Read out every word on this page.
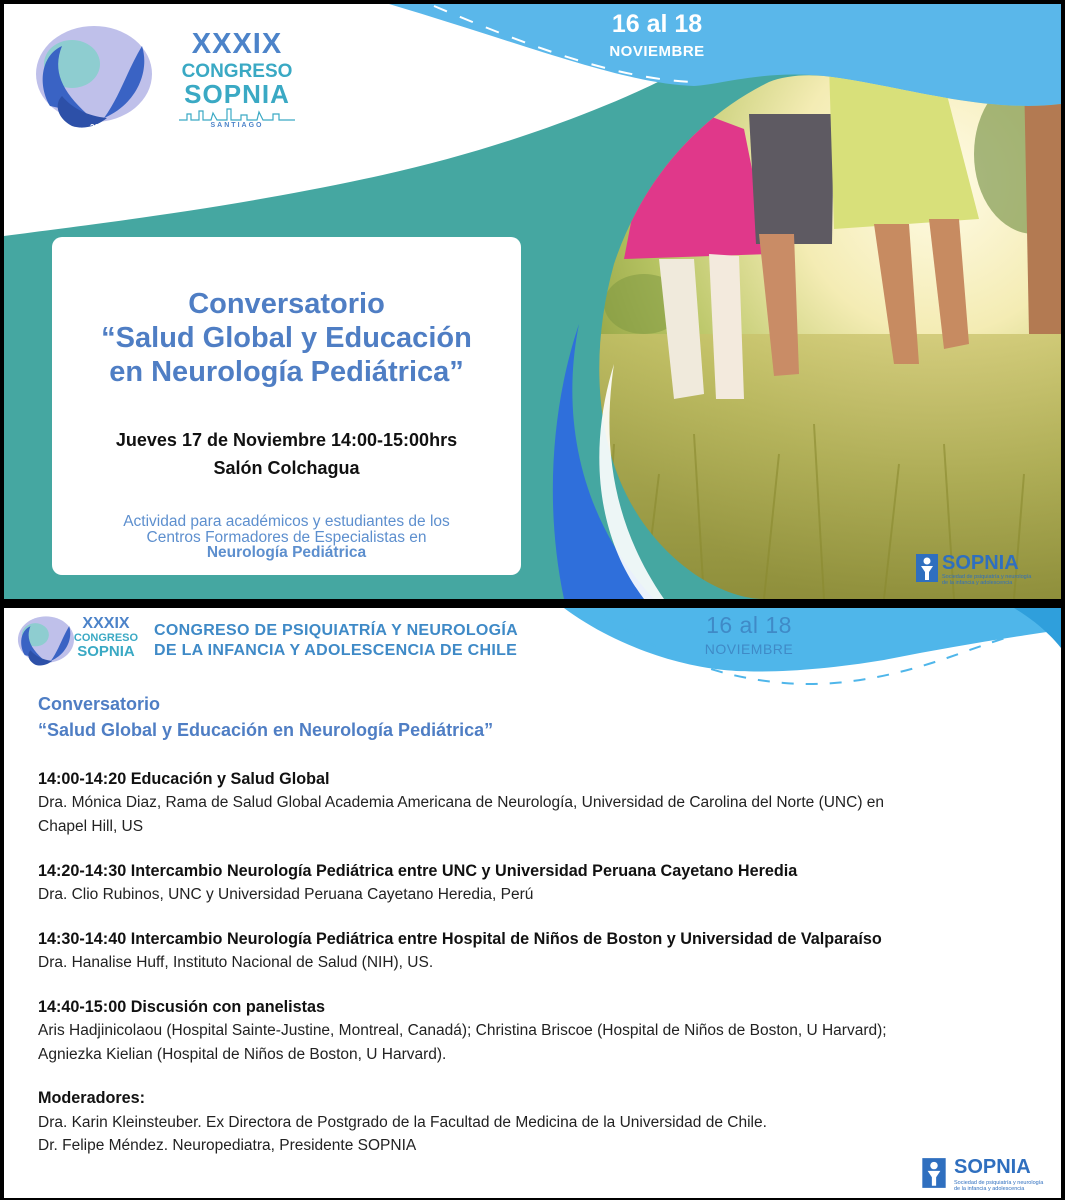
2022
XXXIX
CONGRESO
SOPNIA
SANTIAGO
16 al 18
NOVIEMBRE
Conversatorio
“Salud Global y Educación
en Neurología Pediátrica”
Jueves 17 de Noviembre 14:00-15:00hrs
Salón Colchagua
Actividad para académicos y estudiantes de los
Centros Formadores de Especialistas en
Neurología Pediátrica	SOPNIA
Sociedad de psiquiatría y neurología
de la infancia y adolescencia
XXXIX
CONGRESO
SOPNIA
CONGRESO DE PSIQUIATRÍA Y NEUROLOGÍA
DE LA INFANCIA Y ADOLESCENCIA DE CHILE
16 al 18
NOVIEMBRE
Conversatorio
“Salud Global y Educación en Neurología Pediátrica”
14:00-14:20 Educación y Salud Global
Dra. Mónica Diaz, Rama de Salud Global Academia Americana de Neurología, Universidad de Carolina del Norte (UNC) en
Chapel Hill, US
14:20-14:30 Intercambio Neurología Pediátrica entre UNC y Universidad Peruana Cayetano Heredia
Dra. Clio Rubinos, UNC y Universidad Peruana Cayetano Heredia, Perú
14:30-14:40 Intercambio Neurología Pediátrica entre Hospital de Niños de Boston y Universidad de Valparaíso
Dra. Hanalise Huff, Instituto Nacional de Salud (NIH), US.
14:40-15:00 Discusión con panelistas
Aris Hadjinicolaou (Hospital Sainte-Justine, Montreal, Canadá); Christina Briscoe (Hospital de Niños de Boston, U Harvard);
Agniezka Kielian (Hospital de Niños de Boston, U Harvard).
Moderadores:
Dra. Karin Kleinsteuber. Ex Directora de Postgrado de la Facultad de Medicina de la Universidad de Chile.
Dr. Felipe Méndez. Neuropediatra, Presidente SOPNIA
SOPNIA
Sociedad de psiquiatría y neurología
de la infancia y adolescencia
